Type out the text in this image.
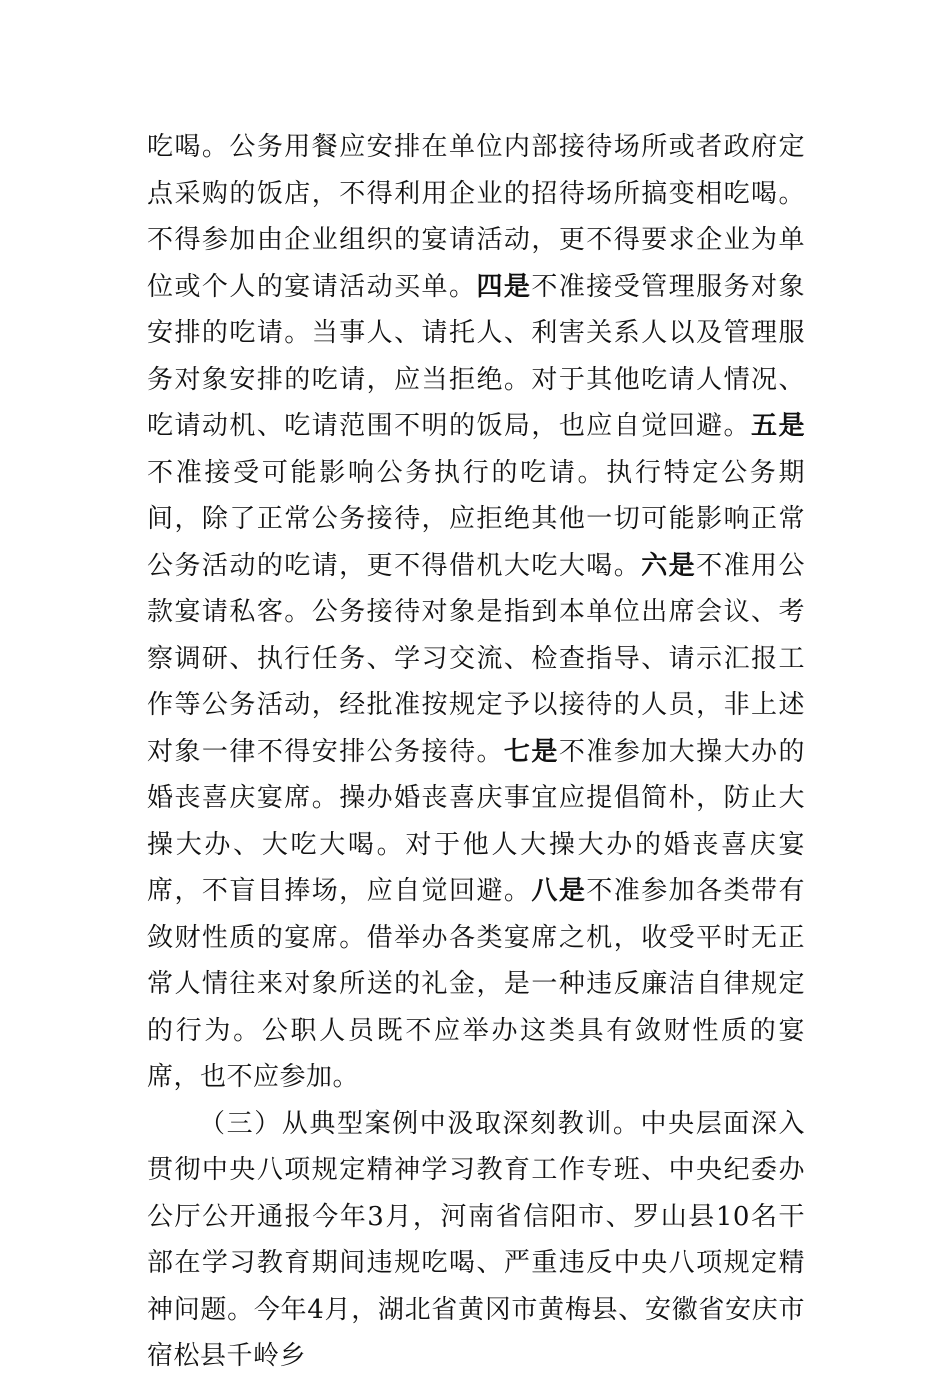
吃喝。公务用餐应安排在单位内部接待场所或者政府定点采购的饭店，不得利用企业的招待场所搞变相吃喝。不得参加由企业组织的宴请活动，更不得要求企业为单位或个人的宴请活动买单。四是不准接受管理服务对象安排的吃请。当事人、请托人、利害关系人以及管理服务对象安排的吃请，应当拒绝。对于其他吃请人情况、吃请动机、吃请范围不明的饭局，也应自觉回避。五是不准接受可能影响公务执行的吃请。执行特定公务期间，除了正常公务接待，应拒绝其他一切可能影响正常公务活动的吃请，更不得借机大吃大喝。六是不准用公款宴请私客。公务接待对象是指到本单位出席会议、考察调研、执行任务、学习交流、检查指导、请示汇报工作等公务活动，经批准按规定予以接待的人员，非上述对象一律不得安排公务接待。七是不准参加大操大办的婚丧喜庆宴席。操办婚丧喜庆事宜应提倡简朴，防止大操大办、大吃大喝。对于他人大操大办的婚丧喜庆宴席，不盲目捧场，应自觉回避。八是不准参加各类带有敛财性质的宴席。借举办各类宴席之机，收受平时无正常人情往来对象所送的礼金，是一种违反廉洁自律规定的行为。公职人员既不应举办这类具有敛财性质的宴席，也不应参加。

（三）从典型案例中汲取深刻教训。中央层面深入贯彻中央八项规定精神学习教育工作专班、中央纪委办公厅公开通报今年3月，河南省信阳市、罗山县10名干部在学习教育期间违规吃喝、严重违反中央八项规定精神问题。今年4月，湖北省黄冈市黄梅县、安徽省安庆市宿松县千岭乡
